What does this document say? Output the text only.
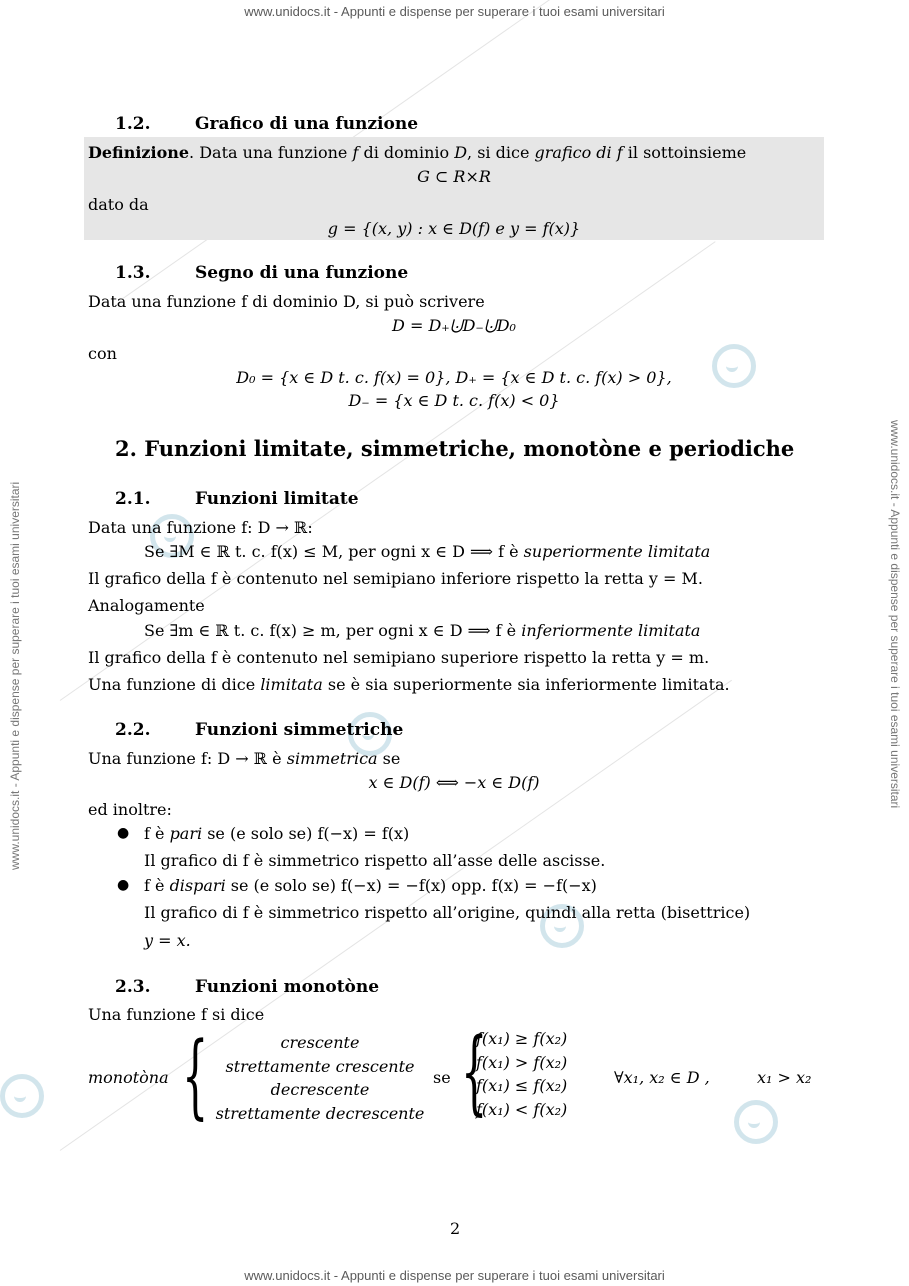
www.unidocs.it - Appunti e dispense per superare i tuoi esami universitari
www.unidocs.it - Appunti e dispense per superare i tuoi esami universitari
www.unidocs.it - Appunti e dispense per superare i tuoi esami universitari	www.unidocs.it - Appunti e dispense per superare i tuoi esami universitari
1.2.	Grafico di una funzione
Definizione. Data una funzione f di dominio D, si dice grafico di f il sottoinsieme
G ⊂ R×R
dato da
g = {(x, y) : x ∈ D(f) e y = f(x)}
1.3.	Segno di una funzione
Data una funzione f di dominio D, si può scrivere
D = D₊⨃D₋⨃D₀
con
D₀ = {x ∈ D t. c. f(x) = 0}, D₊ = {x ∈ D t. c. f(x) > 0},
D₋ = {x ∈ D t. c. f(x) < 0}
2. Funzioni limitate, simmetriche, monotòne e periodiche
2.1.	Funzioni limitate
Data una funzione f: D → ℝ:
Se ∃M ∈ ℝ t. c. f(x) ≤ M, per ogni x ∈ D ⟹ f è superiormente limitata
Il grafico della f è contenuto nel semipiano inferiore rispetto la retta y = M.
Analogamente
Se ∃m ∈ ℝ t. c. f(x) ≥ m, per ogni x ∈ D ⟹ f è inferiormente limitata
Il grafico della f è contenuto nel semipiano superiore rispetto la retta y = m.
Una funzione di dice limitata se è sia superiormente sia inferiormente limitata.
2.2.	Funzioni simmetriche
Una funzione f: D → ℝ è simmetrica se
x ∈ D(f) ⟺ −x ∈ D(f)
ed inoltre:
● f è pari se (e solo se) f(−x) = f(x)
Il grafico di f è simmetrico rispetto all’asse delle ascisse.
● f è dispari se (e solo se) f(−x) = −f(x) opp. f(x) = −f(−x)
Il grafico di f è simmetrico rispetto all’origine, quindi alla retta (bisettrice)
y = x.
2.3.	Funzioni monotòne
Una funzione f si dice
monotòna {	crescente
strettamente crescente
decrescente
strettamente decrescente
se {
f(x₁) ≥ f(x₂)
f(x₁) > f(x₂)
f(x₁) ≤ f(x₂)
f(x₁) < f(x₂)
∀x₁, x₂ ∈ D ,	x₁ > x₂
2
